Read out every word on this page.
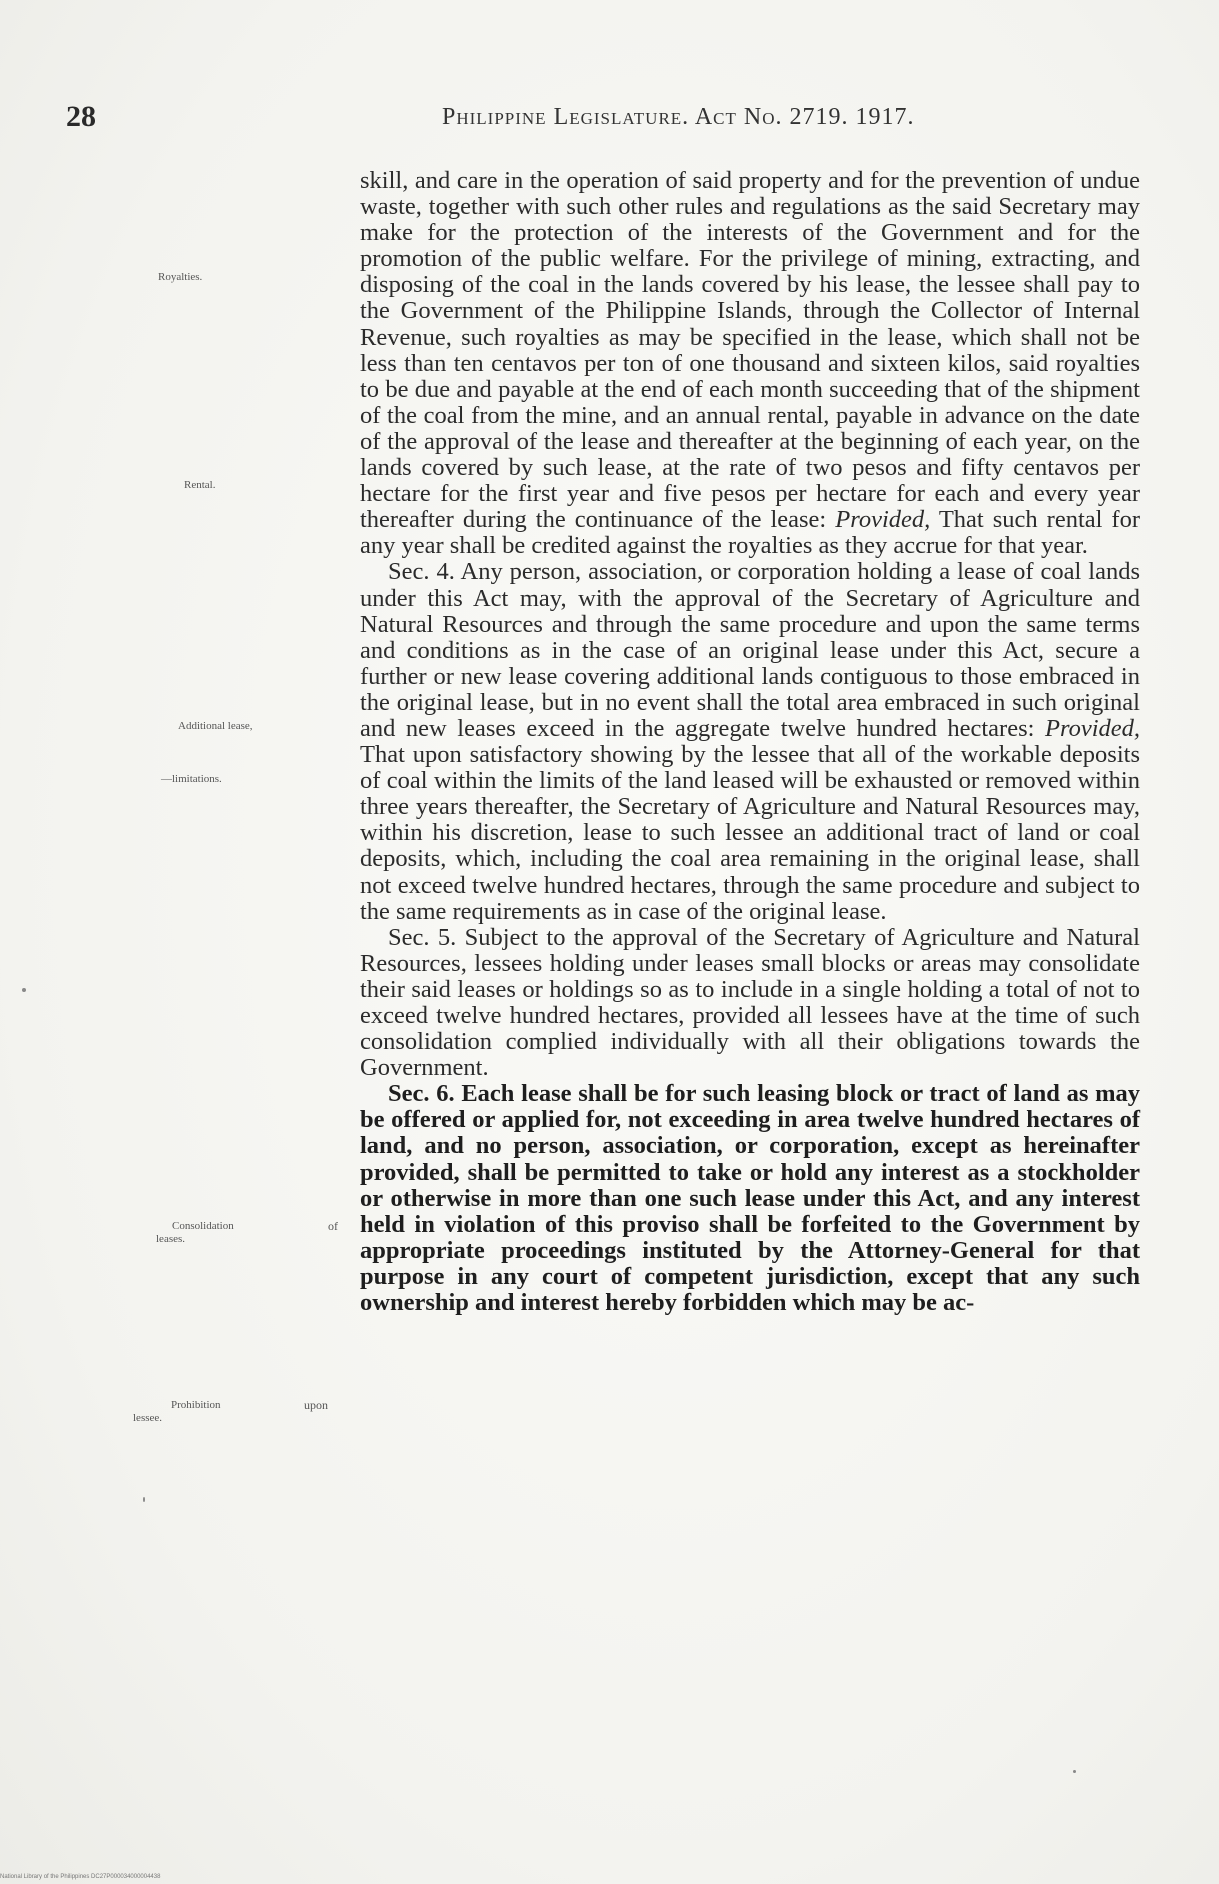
28	Philippine Legislature. Act No. 2719. 1917.
Royalties.
Rental.
Additional lease,
—limitations.
Consolidation	of
leases.
Prohibition	upon
lessee.

skill, and care in the operation of said property and for the prevention of undue waste, together with such other rules and regulations as the said Secretary may make for the protection of the interests of the Government and for the promotion of the public welfare. For the privilege of mining, extracting, and disposing of the coal in the lands covered by his lease, the lessee shall pay to the Government of the Philippine Islands, through the Collector of Internal Revenue, such royalties as may be specified in the lease, which shall not be less than ten centavos per ton of one thousand and sixteen kilos, said royalties to be due and payable at the end of each month succeeding that of the shipment of the coal from the mine, and an annual rental, payable in advance on the date of the approval of the lease and thereafter at the beginning of each year, on the lands covered by such lease, at the rate of two pesos and fifty centavos per hectare for the first year and five pesos per hectare for each and every year thereafter during the continuance of the lease: Provided, That such rental for any year shall be credited against the royalties as they accrue for that year.

Sec. 4. Any person, association, or corporation holding a lease of coal lands under this Act may, with the approval of the Secretary of Agriculture and Natural Resources and through the same procedure and upon the same terms and conditions as in the case of an original lease under this Act, secure a further or new lease covering additional lands contiguous to those embraced in the original lease, but in no event shall the total area embraced in such original and new leases exceed in the aggregate twelve hundred hectares: Provided, That upon satisfactory showing by the lessee that all of the workable deposits of coal within the limits of the land leased will be exhausted or removed within three years thereafter, the Secretary of Agriculture and Natural Resources may, within his discretion, lease to such lessee an additional tract of land or coal deposits, which, including the coal area remaining in the original lease, shall not exceed twelve hundred hectares, through the same procedure and subject to the same requirements as in case of the original lease.

Sec. 5. Subject to the approval of the Secretary of Agriculture and Natural Resources, lessees holding under leases small blocks or areas may consolidate their said leases or holdings so as to include in a single holding a total of not to exceed twelve hundred hectares, provided all lessees have at the time of such consolidation complied individually with all their obligations towards the Government.

Sec. 6. Each lease shall be for such leasing block or tract of land as may be offered or applied for, not exceeding in area twelve hundred hectares of land, and no person, association, or corporation, except as hereinafter provided, shall be permitted to take or hold any interest as a stockholder or otherwise in more than one such lease under this Act, and any interest held in violation of this proviso shall be forfeited to the Government by appropriate proceedings instituted by the Attorney-General for that purpose in any court of competent jurisdiction, except that any such ownership and interest hereby forbidden which may be ac-

National Library of the Philippines DC27P000034000004438
